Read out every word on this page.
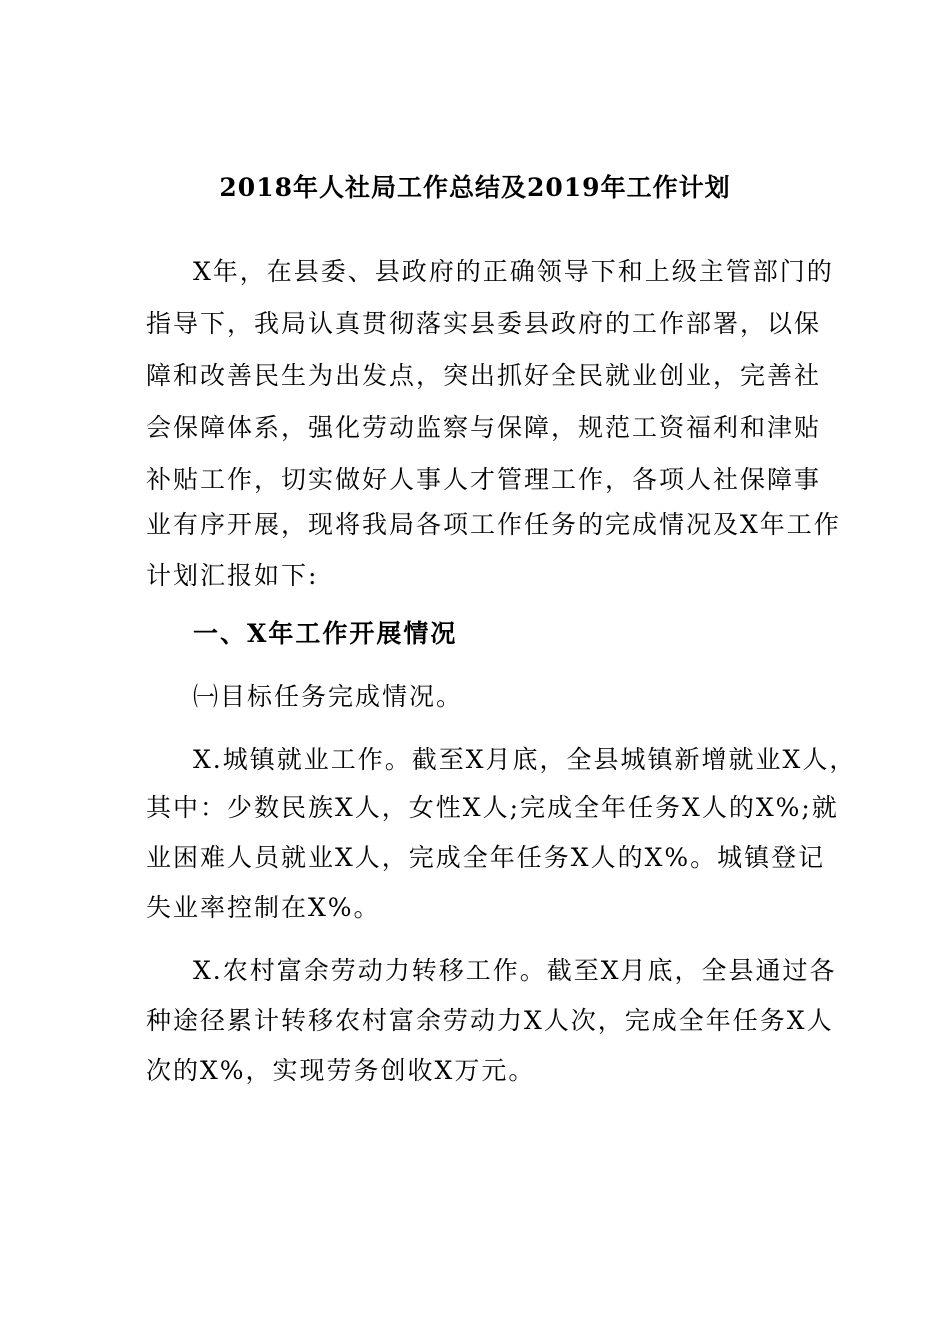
2018年人社局工作总结及2019年工作计划
X年，在县委、县政府的正确领导下和上级主管部门的
指导下，我局认真贯彻落实县委县政府的工作部署，以保
障和改善民生为出发点，突出抓好全民就业创业，完善社
会保障体系，强化劳动监察与保障，规范工资福利和津贴
补贴工作，切实做好人事人才管理工作，各项人社保障事
业有序开展，现将我局各项工作任务的完成情况及X年工作
计划汇报如下:
一、X年工作开展情况
㈠目标任务完成情况。
X.城镇就业工作。截至X月底，全县城镇新增就业X人，
其中：少数民族X人，女性X人;完成全年任务X人的X%;就
业困难人员就业X人，完成全年任务X人的X%。城镇登记
失业率控制在X%。
X.农村富余劳动力转移工作。截至X月底，全县通过各
种途径累计转移农村富余劳动力X人次，完成全年任务X人
次的X%，实现劳务创收X万元。
